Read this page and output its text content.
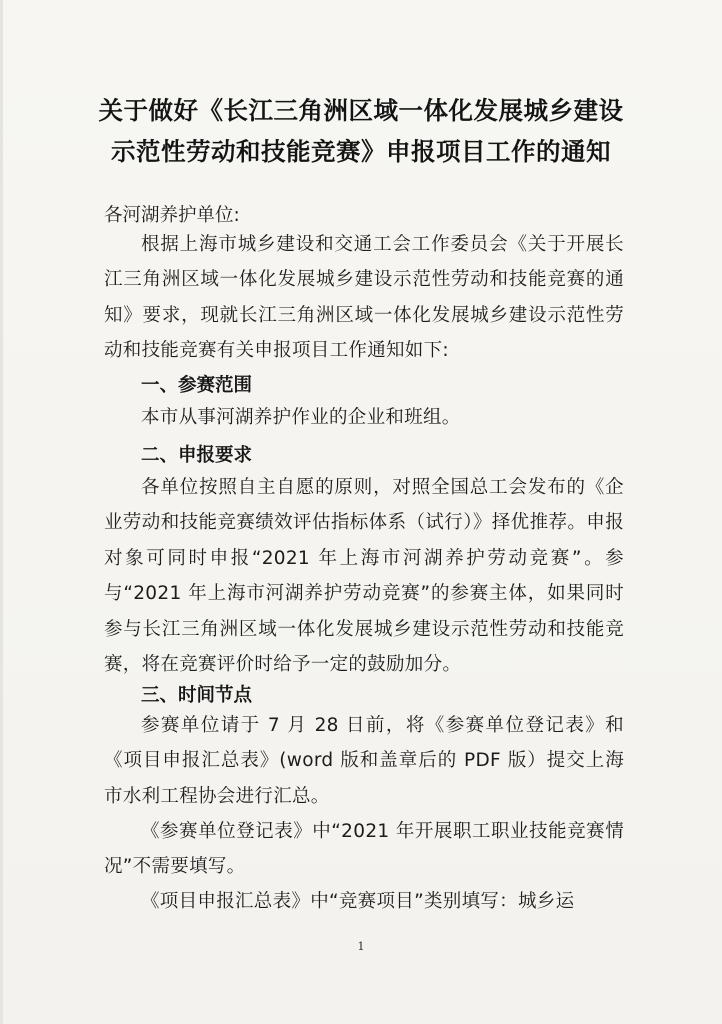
关于做好《长江三角洲区域一体化发展城乡建设
示范性劳动和技能竞赛》申报项目工作的通知
各河湖养护单位:
根据上海市城乡建设和交通工会工作委员会《关于开展长江三角洲区域一体化发展城乡建设示范性劳动和技能竞赛的通知》要求，现就长江三角洲区域一体化发展城乡建设示范性劳动和技能竞赛有关申报项目工作通知如下:
一、参赛范围
本市从事河湖养护作业的企业和班组。
二、申报要求
各单位按照自主自愿的原则，对照全国总工会发布的《企业劳动和技能竞赛绩效评估指标体系（试行）》择优推荐。申报对象可同时申报“2021 年上海市河湖养护劳动竞赛”。参与“2021 年上海市河湖养护劳动竞赛”的参赛主体，如果同时参与长江三角洲区域一体化发展城乡建设示范性劳动和技能竞赛，将在竞赛评价时给予一定的鼓励加分。
三、时间节点
参赛单位请于 7 月 28 日前，将《参赛单位登记表》和《项目申报汇总表》(word 版和盖章后的 PDF 版）提交上海市水利工程协会进行汇总。
《参赛单位登记表》中“2021 年开展职工职业技能竞赛情况”不需要填写。
《项目申报汇总表》中“竞赛项目”类别填写：城乡运
1
